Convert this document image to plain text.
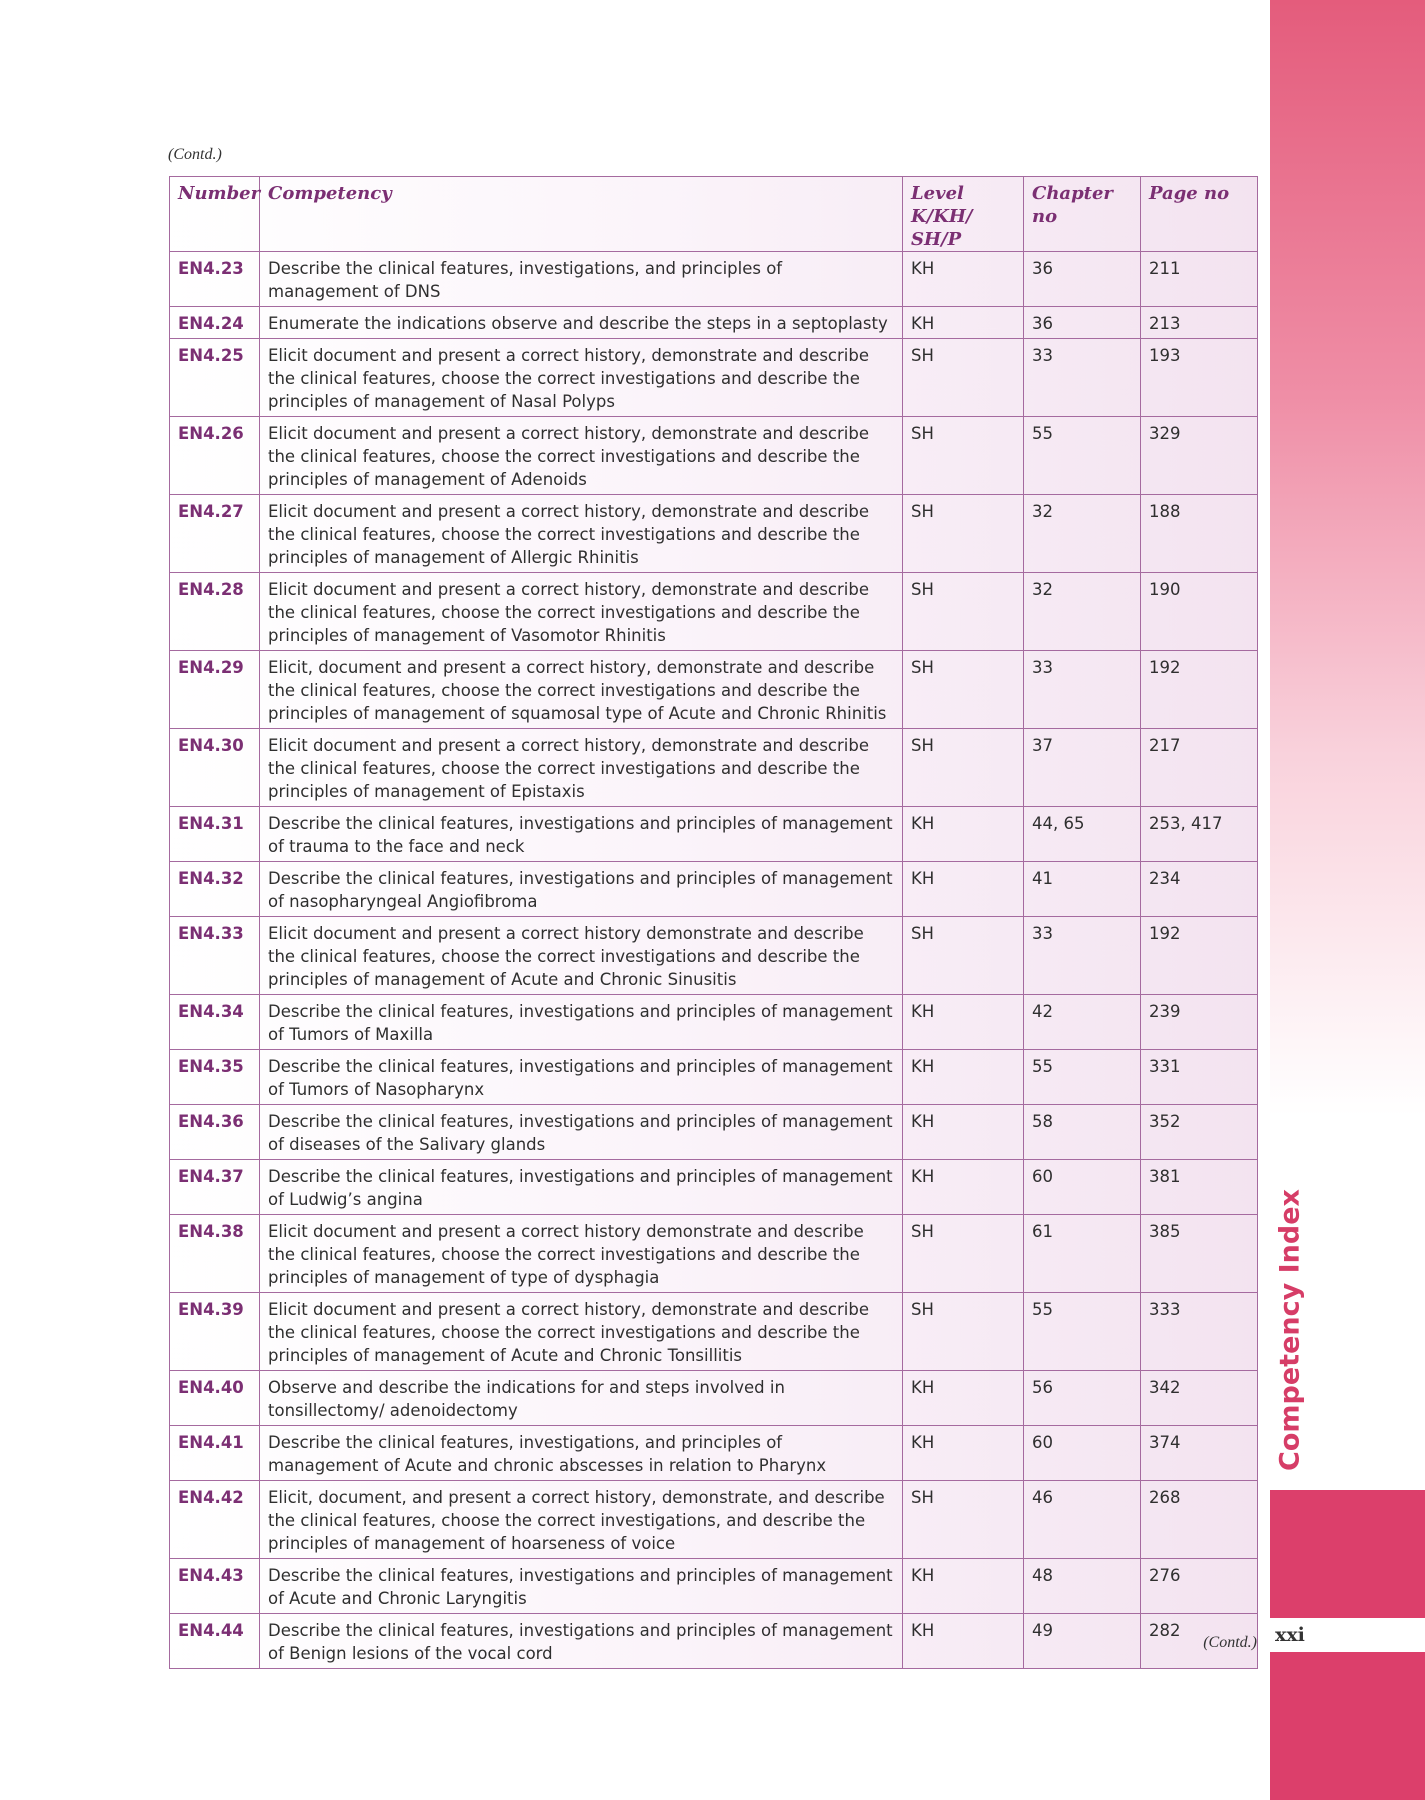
Competency Index
xxi
(Contd.)
Number	Competency	Level K/KH/ SH/P	Chapter no	Page no
EN4.23	Describe the clinical features, investigations, and principles of management of DNS	KH	36	211
EN4.24	Enumerate the indications observe and describe the steps in a septoplasty	KH	36	213
EN4.25	Elicit document and present a correct history, demonstrate and describe the clinical features, choose the correct investigations and describe the principles of management of Nasal Polyps	SH	33	193
EN4.26	Elicit document and present a correct history, demonstrate and describe the clinical features, choose the correct investigations and describe the principles of management of Adenoids	SH	55	329
EN4.27	Elicit document and present a correct history, demonstrate and describe the clinical features, choose the correct investigations and describe the principles of management of Allergic Rhinitis	SH	32	188
EN4.28	Elicit document and present a correct history, demonstrate and describe the clinical features, choose the correct investigations and describe the principles of management of Vasomotor Rhinitis	SH	32	190
EN4.29	Elicit, document and present a correct history, demonstrate and describe the clinical features, choose the correct investigations and describe the principles of management of squamosal type of Acute and Chronic Rhinitis	SH	33	192
EN4.30	Elicit document and present a correct history, demonstrate and describe the clinical features, choose the correct investigations and describe the principles of management of Epistaxis	SH	37	217
EN4.31	Describe the clinical features, investigations and principles of management of trauma to the face and neck	KH	44, 65	253, 417
EN4.32	Describe the clinical features, investigations and principles of management of nasopharyngeal Angiofibroma	KH	41	234
EN4.33	Elicit document and present a correct history demonstrate and describe the clinical features, choose the correct investigations and describe the principles of management of Acute and Chronic Sinusitis	SH	33	192
EN4.34	Describe the clinical features, investigations and principles of management of Tumors of Maxilla	KH	42	239
EN4.35	Describe the clinical features, investigations and principles of management of Tumors of Nasopharynx	KH	55	331
EN4.36	Describe the clinical features, investigations and principles of management of diseases of the Salivary glands	KH	58	352
EN4.37	Describe the clinical features, investigations and principles of management of Ludwig’s angina	KH	60	381
EN4.38	Elicit document and present a correct history demonstrate and describe the clinical features, choose the correct investigations and describe the principles of management of type of dysphagia	SH	61	385
EN4.39	Elicit document and present a correct history, demonstrate and describe the clinical features, choose the correct investigations and describe the principles of management of Acute and Chronic Tonsillitis	SH	55	333
EN4.40	Observe and describe the indications for and steps involved in tonsillectomy/ adenoidectomy	KH	56	342
EN4.41	Describe the clinical features, investigations, and principles of management of Acute and chronic abscesses in relation to Pharynx	KH	60	374
EN4.42	Elicit, document, and present a correct history, demonstrate, and describe the clinical features, choose the correct investigations, and describe the principles of management of hoarseness of voice	SH	46	268
EN4.43	Describe the clinical features, investigations and principles of management of Acute and Chronic Laryngitis	KH	48	276
EN4.44	Describe the clinical features, investigations and principles of management of Benign lesions of the vocal cord	KH	49	282
(Contd.)
